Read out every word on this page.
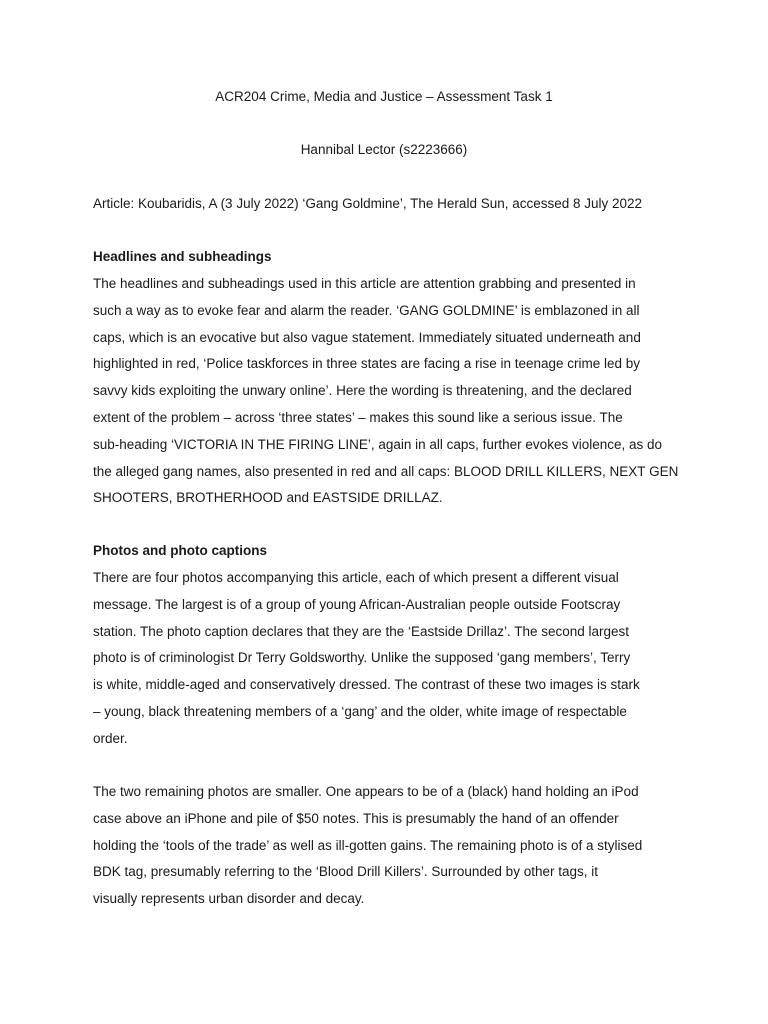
ACR204 Crime, Media and Justice – Assessment Task 1
Hannibal Lector (s2223666)
Article: Koubaridis, A (3 July 2022) ‘Gang Goldmine’, The Herald Sun, accessed 8 July 2022
Headlines and subheadings
The headlines and subheadings used in this article are attention grabbing and presented in
such a way as to evoke fear and alarm the reader. ‘GANG GOLDMINE’ is emblazoned in all
caps, which is an evocative but also vague statement. Immediately situated underneath and
highlighted in red, ‘Police taskforces in three states are facing a rise in teenage crime led by
savvy kids exploiting the unwary online’. Here the wording is threatening, and the declared
extent of the problem – across ‘three states’ – makes this sound like a serious issue. The
sub-heading ‘VICTORIA IN THE FIRING LINE’, again in all caps, further evokes violence, as do
the alleged gang names, also presented in red and all caps: BLOOD DRILL KILLERS, NEXT GEN
SHOOTERS, BROTHERHOOD and EASTSIDE DRILLAZ.
Photos and photo captions
There are four photos accompanying this article, each of which present a different visual
message. The largest is of a group of young African-Australian people outside Footscray
station. The photo caption declares that they are the ‘Eastside Drillaz’. The second largest
photo is of criminologist Dr Terry Goldsworthy. Unlike the supposed ‘gang members’, Terry
is white, middle-aged and conservatively dressed. The contrast of these two images is stark
– young, black threatening members of a ‘gang’ and the older, white image of respectable
order.
The two remaining photos are smaller. One appears to be of a (black) hand holding an iPod
case above an iPhone and pile of $50 notes. This is presumably the hand of an offender
holding the ‘tools of the trade’ as well as ill-gotten gains. The remaining photo is of a stylised
BDK tag, presumably referring to the ‘Blood Drill Killers’. Surrounded by other tags, it
visually represents urban disorder and decay.
